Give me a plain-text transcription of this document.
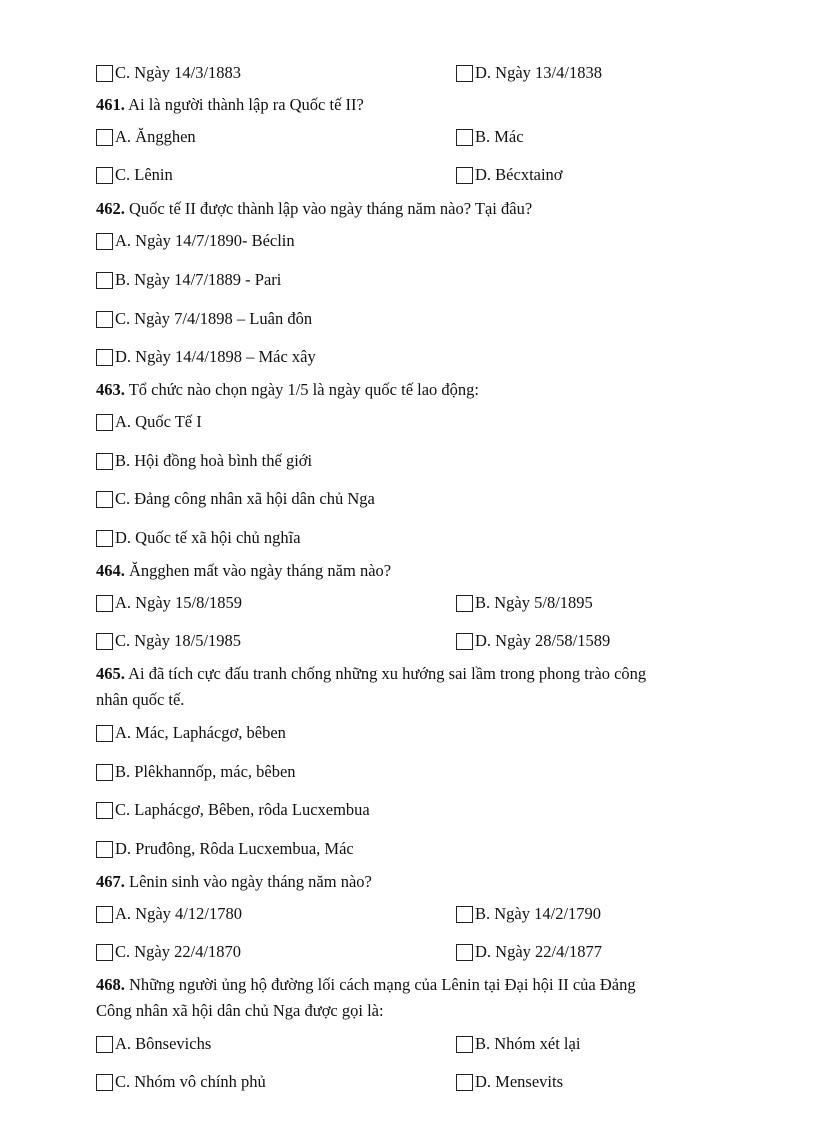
C. Ngày 14/3/1883	D. Ngày 13/4/1838
461. Ai là người thành lập ra Quốc tế II?
A. Ăngghen	B. Mác
C. Lênin	D. Bécxtainơ
462. Quốc tế II được thành lập vào ngày tháng năm nào? Tại đâu?
A. Ngày 14/7/1890- Béclin
B. Ngày 14/7/1889 - Pari
C. Ngày 7/4/1898 – Luân đôn
D. Ngày 14/4/1898 – Mác xây
463. Tổ chức nào chọn ngày 1/5 là ngày quốc tế lao động:
A. Quốc Tế I
B. Hội đồng hoà bình thế giới
C. Đảng công nhân xã hội dân chủ Nga
D. Quốc tế xã hội chủ nghĩa
464. Ăngghen mất vào ngày tháng năm nào?
A. Ngày 15/8/1859	B. Ngày 5/8/1895
C. Ngày 18/5/1985	D. Ngày 28/58/1589
465. Ai đã tích cực đấu tranh chống những xu hướng sai lầm trong phong trào công
nhân quốc tế.
A. Mác, Laphácgơ, bêben
B. Plêkhannốp, mác, bêben
C. Laphácgơ, Bêben, rôda Lucxembua
D. Pruđông, Rôda Lucxembua, Mác
467. Lênin sinh vào ngày tháng năm nào?
A. Ngày 4/12/1780	B. Ngày 14/2/1790
C. Ngày 22/4/1870	D. Ngày 22/4/1877
468. Những người ủng hộ đường lối cách mạng của Lênin tại Đại hội II của Đảng
Công nhân xã hội dân chủ Nga được gọi là:
A. Bônsevichs	B. Nhóm xét lại
C. Nhóm vô chính phủ	D. Mensevits
